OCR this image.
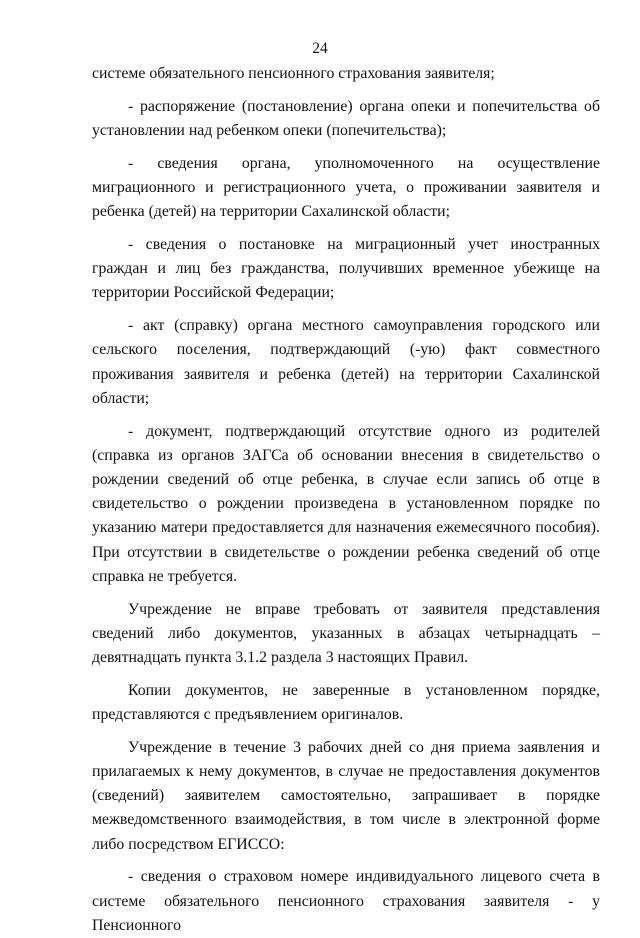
24

системе обязательного пенсионного страхования заявителя;

- распоряжение (постановление) органа опеки и попечительства об установлении над ребенком опеки (попечительства);

- сведения органа, уполномоченного на осуществление миграционного и регистрационного учета, о проживании заявителя и ребенка (детей) на территории Сахалинской области;

- сведения о постановке на миграционный учет иностранных граждан и лиц без гражданства, получивших временное убежище на территории Российской Федерации;

- акт (справку) органа местного самоуправления городского или сельского поселения, подтверждающий (-ую) факт совместного проживания заявителя и ребенка (детей) на территории Сахалинской области;

- документ, подтверждающий отсутствие одного из родителей (справка из органов ЗАГСа об основании внесения в свидетельство о рождении сведений об отце ребенка, в случае если запись об отце в свидетельство о рождении произведена в установленном порядке по указанию матери предоставляется для назначения ежемесячного пособия). При отсутствии в свидетельстве о рождении ребенка сведений об отце справка не требуется.

Учреждение не вправе требовать от заявителя представления сведений либо документов, указанных в абзацах четырнадцать –девятнадцать пункта 3.1.2 раздела 3 настоящих Правил.

Копии документов, не заверенные в установленном порядке, представляются с предъявлением оригиналов.

Учреждение в течение 3 рабочих дней со дня приема заявления и прилагаемых к нему документов, в случае не предоставления документов (сведений) заявителем самостоятельно, запрашивает в порядке межведомственного взаимодействия, в том числе в электронной форме либо посредством ЕГИССО:

- сведения о страховом номере индивидуального лицевого счета в системе обязательного пенсионного страхования заявителя - у Пенсионного
